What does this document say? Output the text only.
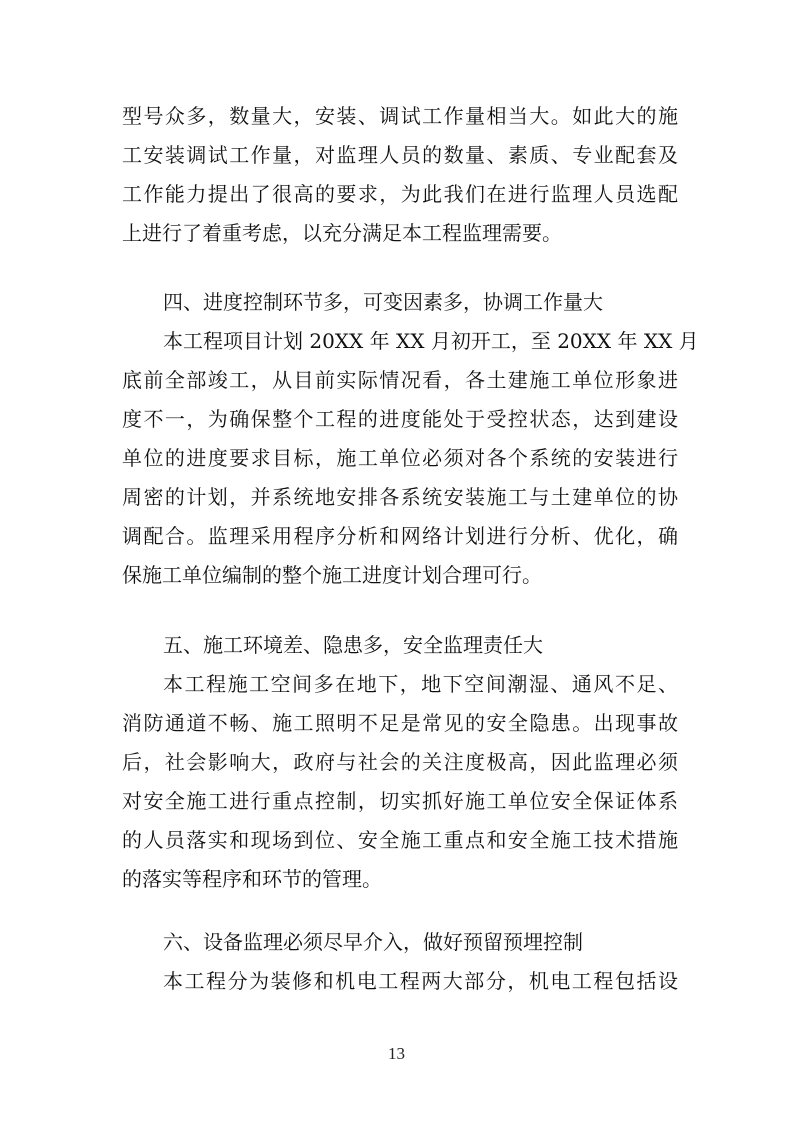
型号众多，数量大，安装、调试工作量相当大。如此大的施
工安装调试工作量，对监理人员的数量、素质、专业配套及
工作能力提出了很高的要求，为此我们在进行监理人员选配
上进行了着重考虑，以充分满足本工程监理需要。
四、进度控制环节多，可变因素多，协调工作量大
本工程项目计划 20XX 年 XX 月初开工，至 20XX 年 XX 月
底前全部竣工，从目前实际情况看，各土建施工单位形象进
度不一，为确保整个工程的进度能处于受控状态，达到建设
单位的进度要求目标，施工单位必须对各个系统的安装进行
周密的计划，并系统地安排各系统安装施工与土建单位的协
调配合。监理采用程序分析和网络计划进行分析、优化，确
保施工单位编制的整个施工进度计划合理可行。
五、施工环境差、隐患多，安全监理责任大
本工程施工空间多在地下，地下空间潮湿、通风不足、
消防通道不畅、施工照明不足是常见的安全隐患。出现事故
后，社会影响大，政府与社会的关注度极高，因此监理必须
对安全施工进行重点控制，切实抓好施工单位安全保证体系
的人员落实和现场到位、安全施工重点和安全施工技术措施
的落实等程序和环节的管理。
六、设备监理必须尽早介入，做好预留预埋控制
本工程分为装修和机电工程两大部分，机电工程包括设
13
